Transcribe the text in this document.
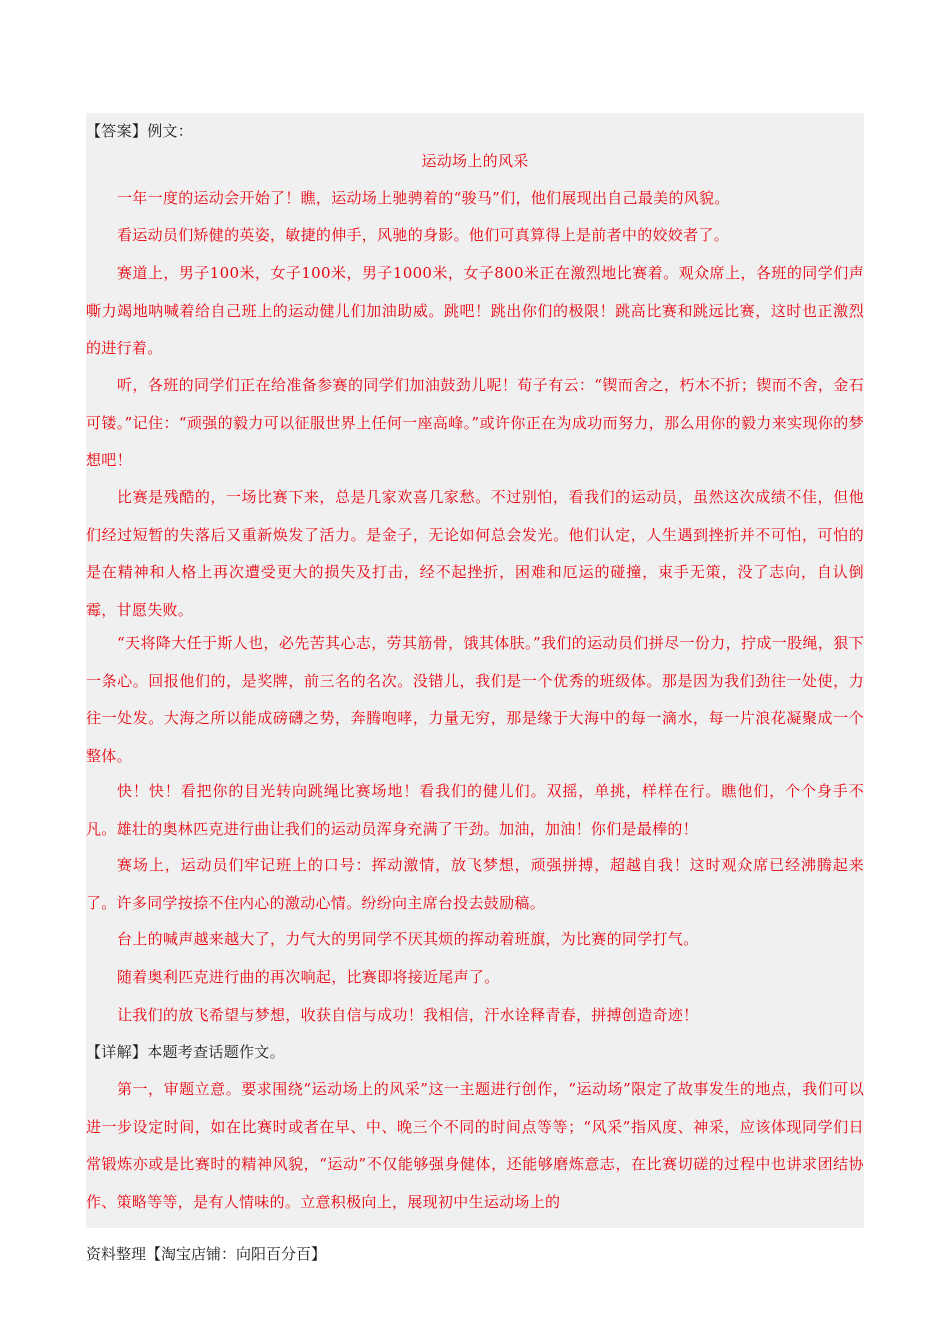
【答案】例文：

运动场上的风采

一年一度的运动会开始了！瞧，运动场上驰骋着的“骏马”们，他们展现出自己最美的风貌。

看运动员们矫健的英姿，敏捷的伸手，风驰的身影。他们可真算得上是前者中的姣姣者了。

赛道上，男子100米，女子100米，男子1000米，女子800米正在激烈地比赛着。观众席上，各班的同学们声嘶力竭地呐喊着给自己班上的运动健儿们加油助威。跳吧！跳出你们的极限！跳高比赛和跳远比赛，这时也正激烈的进行着。

听，各班的同学们正在给准备参赛的同学们加油鼓劲儿呢！荀子有云：“锲而舍之，朽木不折；锲而不舍，金石可镂。”记住：“顽强的毅力可以征服世界上任何一座高峰。”或许你正在为成功而努力，那么用你的毅力来实现你的梦想吧！

比赛是残酷的，一场比赛下来，总是几家欢喜几家愁。不过别怕，看我们的运动员，虽然这次成绩不佳，但他们经过短暂的失落后又重新焕发了活力。是金子，无论如何总会发光。他们认定，人生遇到挫折并不可怕，可怕的是在精神和人格上再次遭受更大的损失及打击，经不起挫折，困难和厄运的碰撞，束手无策，没了志向，自认倒霉，甘愿失败。

“天将降大任于斯人也，必先苦其心志，劳其筋骨，饿其体肤。”我们的运动员们拼尽一份力，拧成一股绳，狠下一条心。回报他们的，是奖牌，前三名的名次。没错儿，我们是一个优秀的班级体。那是因为我们劲往一处使，力往一处发。大海之所以能成磅礴之势，奔腾咆哮，力量无穷，那是缘于大海中的每一滴水，每一片浪花凝聚成一个整体。

快！快！看把你的目光转向跳绳比赛场地！看我们的健儿们。双摇，单挑，样样在行。瞧他们，个个身手不凡。雄壮的奥林匹克进行曲让我们的运动员浑身充满了干劲。加油，加油！你们是最棒的！

赛场上，运动员们牢记班上的口号：挥动激情，放飞梦想，顽强拼搏，超越自我！这时观众席已经沸腾起来了。许多同学按捺不住内心的激动心情。纷纷向主席台投去鼓励稿。

台上的喊声越来越大了，力气大的男同学不厌其烦的挥动着班旗，为比赛的同学打气。

随着奥利匹克进行曲的再次响起，比赛即将接近尾声了。

让我们的放飞希望与梦想，收获自信与成功！我相信，汗水诠释青春，拼搏创造奇迹！

【详解】本题考查话题作文。

第一，审题立意。要求围绕“运动场上的风采”这一主题进行创作，“运动场”限定了故事发生的地点，我们可以进一步设定时间，如在比赛时或者在早、中、晚三个不同的时间点等等；“风采”指风度、神采，应该体现同学们日常锻炼亦或是比赛时的精神风貌，“运动”不仅能够强身健体，还能够磨炼意志，在比赛切磋的过程中也讲求团结协作、策略等等，是有人情味的。立意积极向上，展现初中生运动场上的

资料整理【淘宝店铺：向阳百分百】
